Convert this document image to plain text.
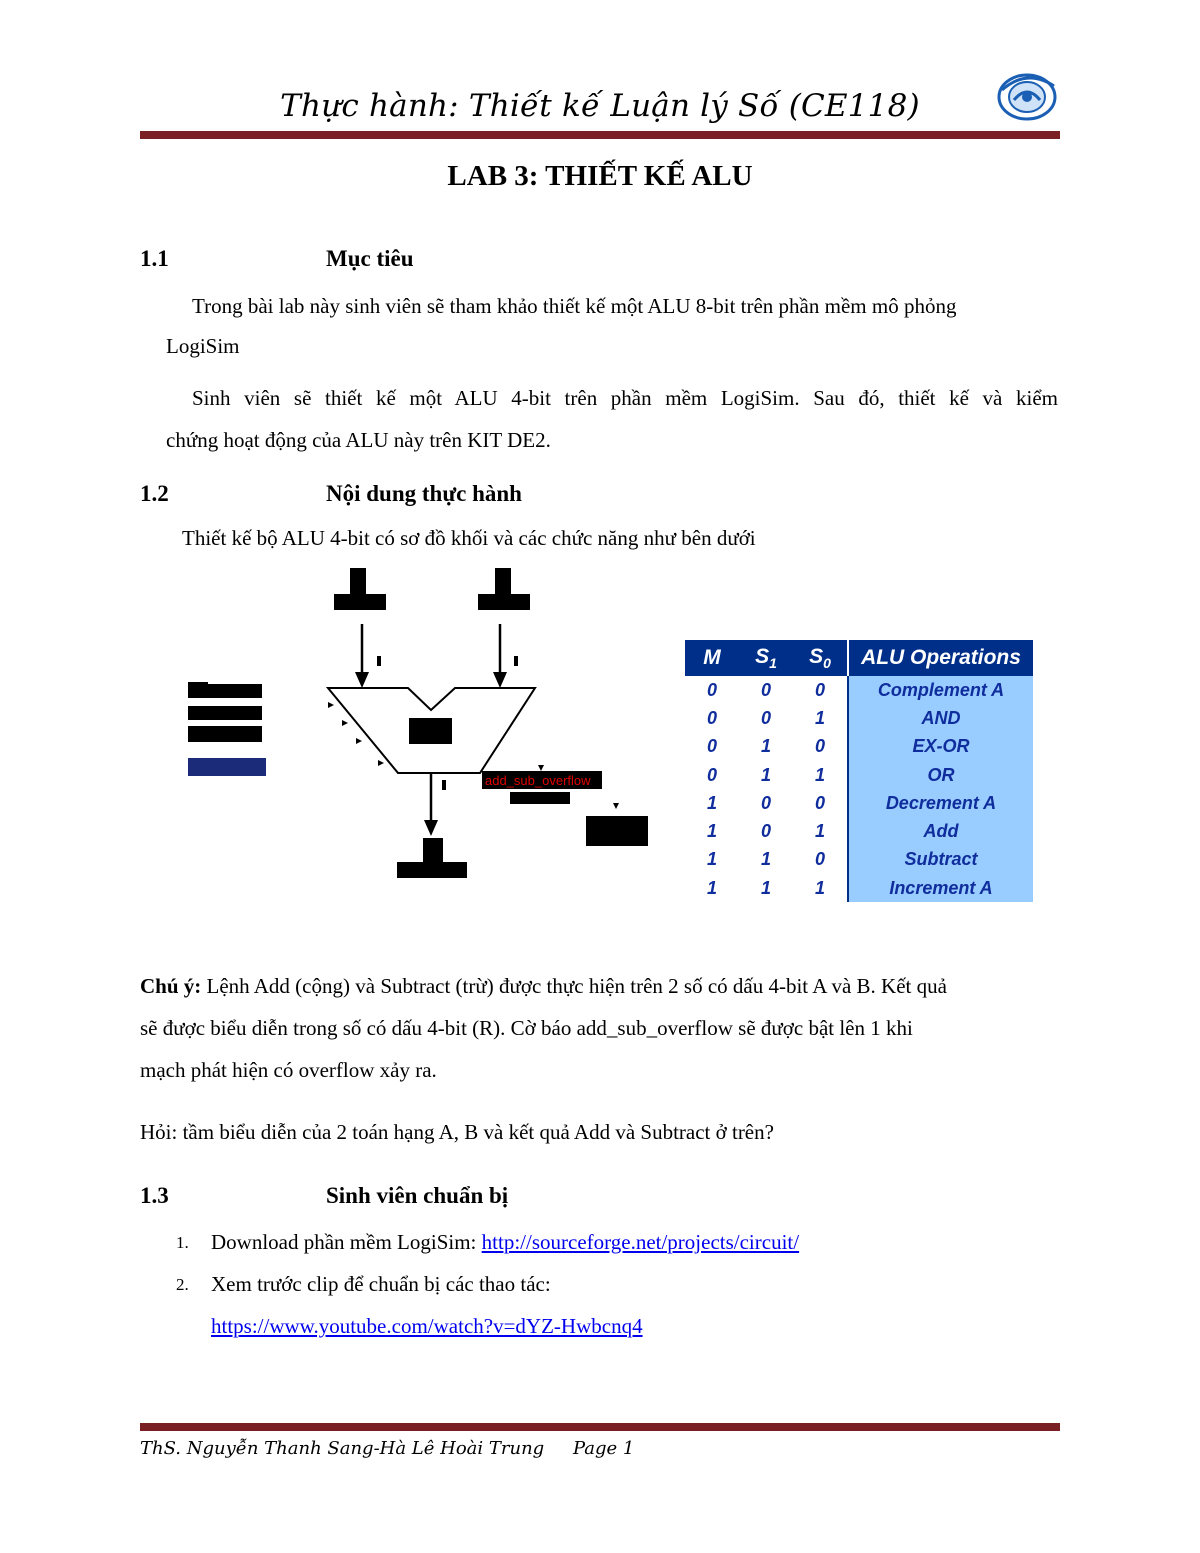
Thực hành: Thiết kế Luận lý Số (CE118)
LAB 3: THIẾT KẾ ALU
1.1	Mục tiêu
Trong bài lab này sinh viên sẽ tham khảo thiết kế một ALU 8-bit trên phần mềm mô phỏng
LogiSim
Sinh viên sẽ thiết kế một ALU 4-bit trên phần mềm LogiSim. Sau đó, thiết kế và kiểm
chứng hoạt động của ALU này trên KIT DE2.
1.2	Nội dung thực hành
Thiết kế bộ ALU 4-bit có sơ đồ khối và các chức năng như bên dưới
add_sub_overflow
M	$S_1$	$S_0$	ALU Operations
0	0	0	Complement A
0	0	1	AND
0	1	0	EX-OR
0	1	1	OR
1	0	0	Decrement A
1	0	1	Add
1	1	0	Subtract
1	1	1	Increment A
Chú ý: Lệnh Add (cộng) và Subtract (trừ) được thực hiện trên 2 số có dấu 4-bit A và B. Kết quả
sẽ được biểu diễn trong số có dấu 4-bit (R). Cờ báo add_sub_overflow sẽ được bật lên 1 khi
mạch phát hiện có overflow xảy ra.
Hỏi: tầm biểu diễn của 2 toán hạng A, B và kết quả Add và Subtract ở trên?
1.3	Sinh viên chuẩn bị
1. Download phần mềm LogiSim: http://sourceforge.net/projects/circuit/
2. Xem trước clip để chuẩn bị các thao tác:
https://www.youtube.com/watch?v=dYZ-Hwbcnq4
ThS. Nguyễn Thanh Sang-Hà Lê Hoài Trung Page 1
